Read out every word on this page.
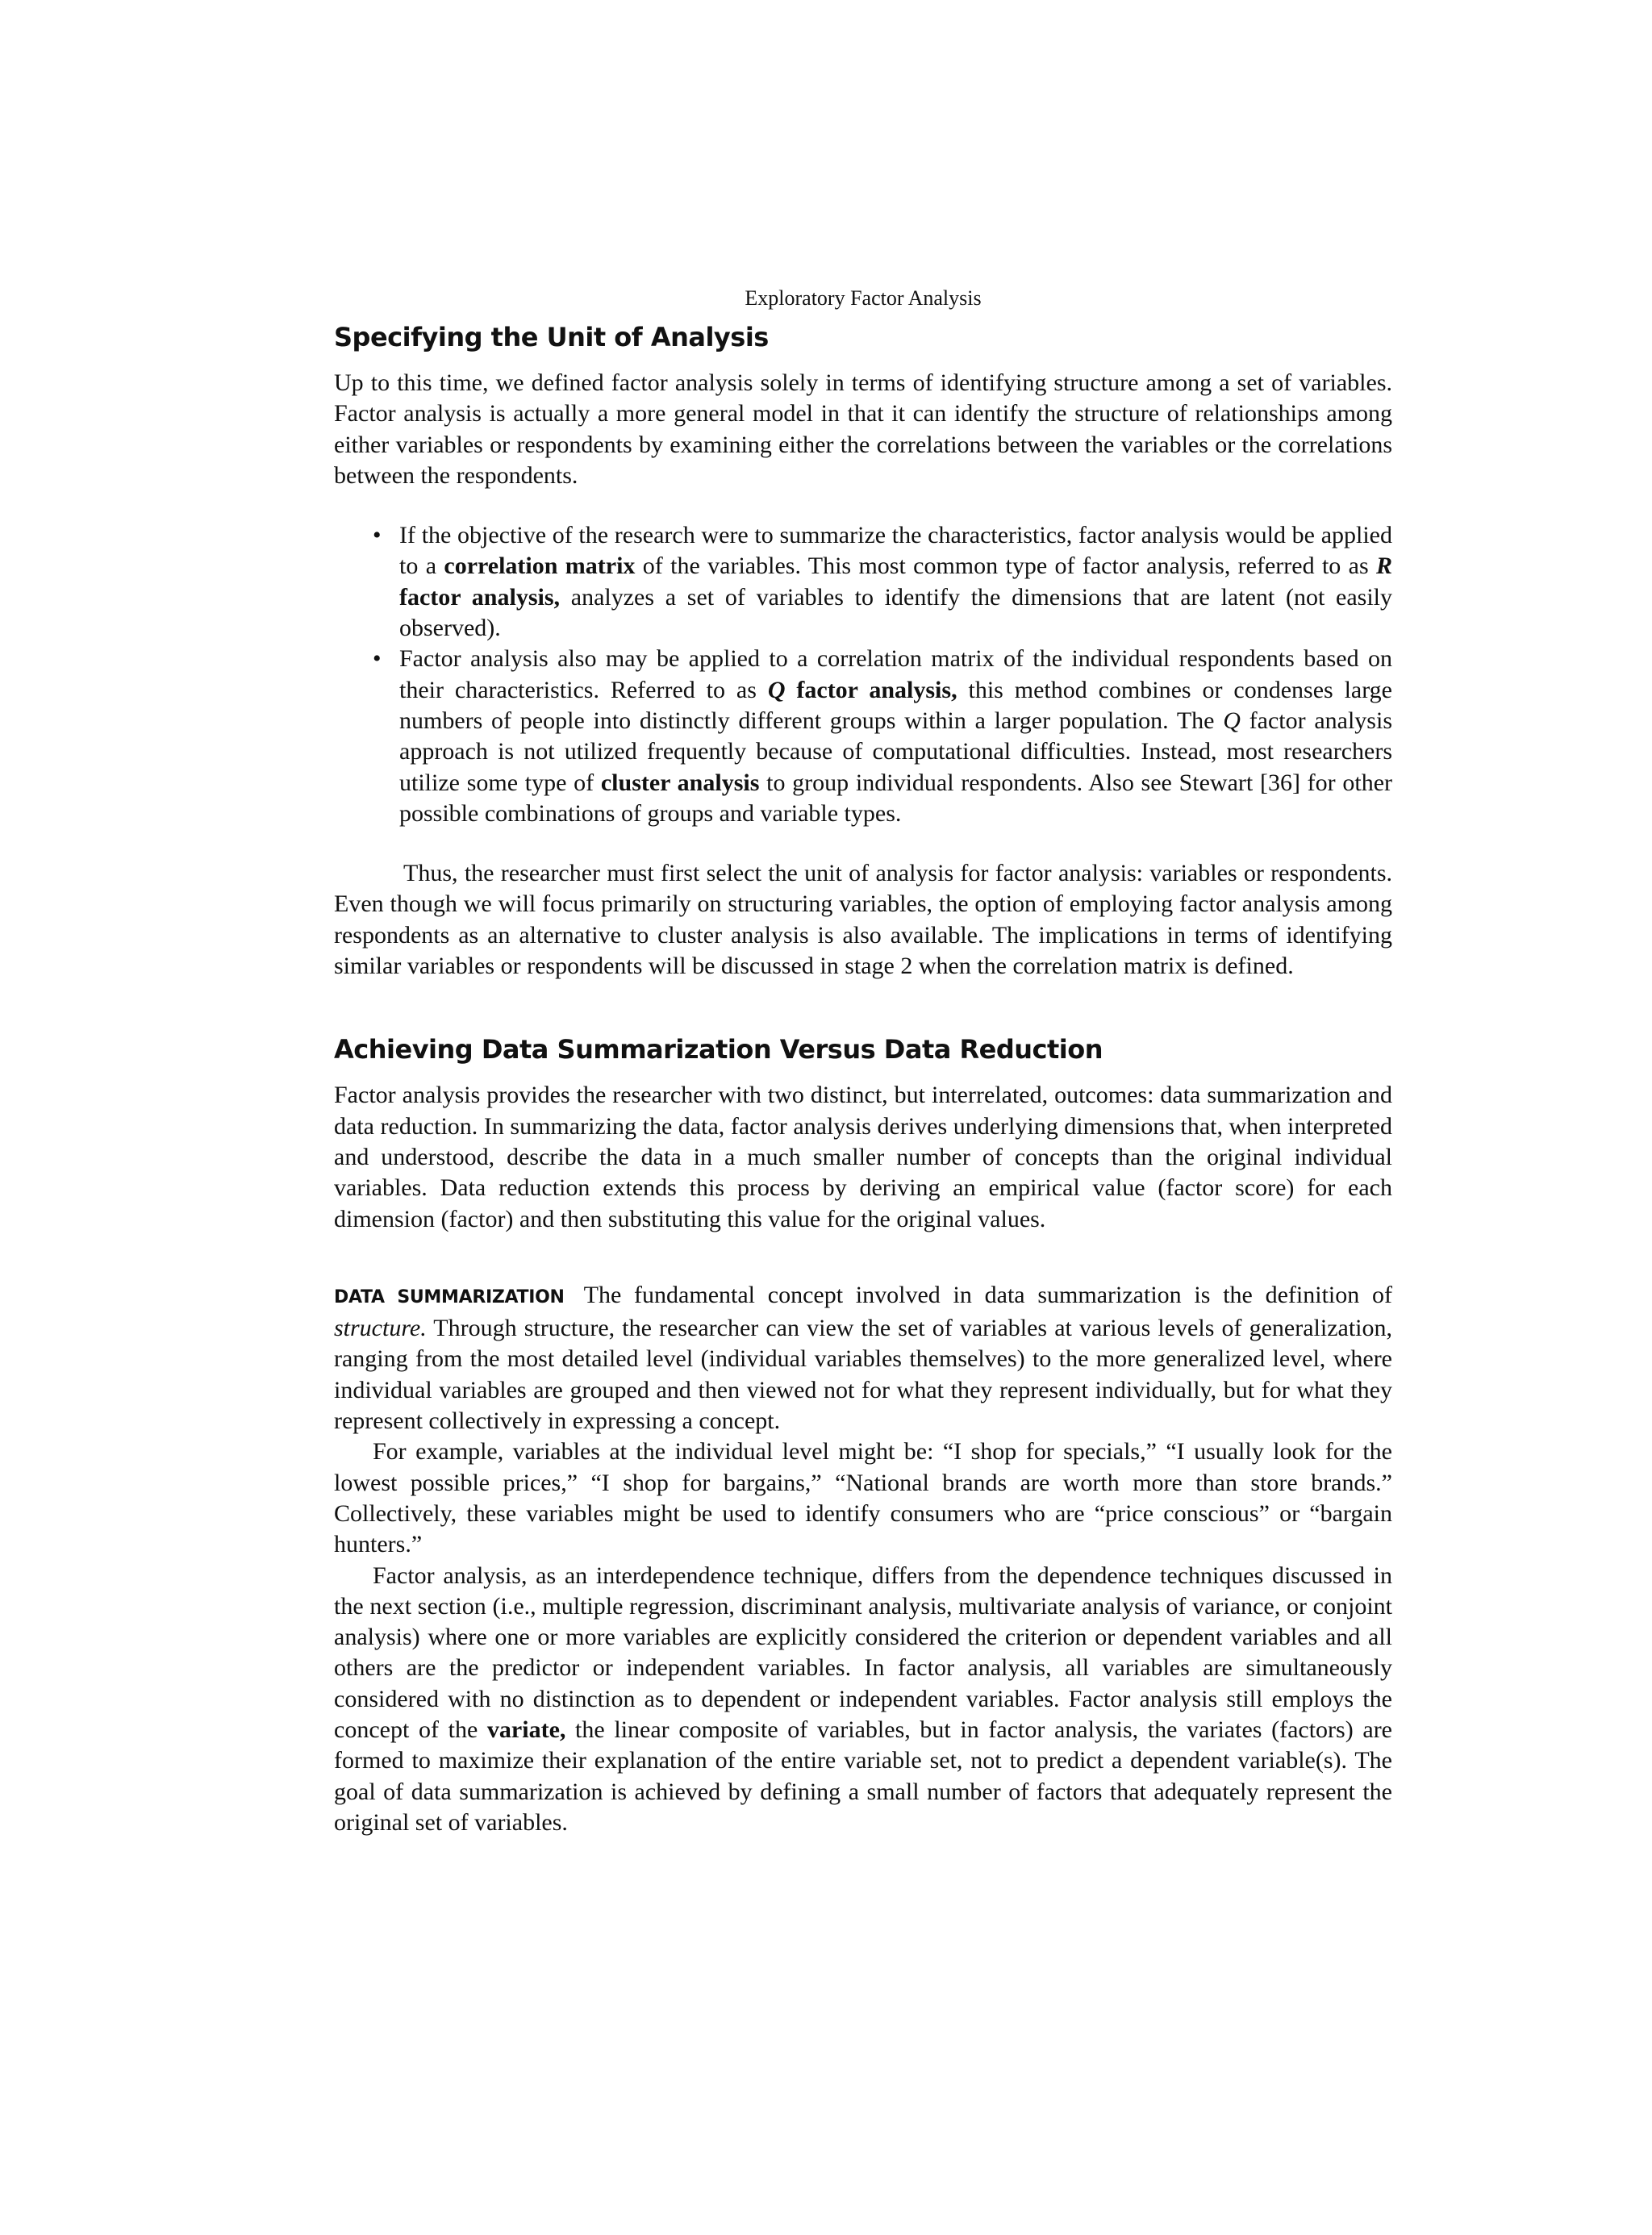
Exploratory Factor Analysis
Specifying the Unit of Analysis

Up to this time, we defined factor analysis solely in terms of identifying structure among a set of variables. Factor analysis is actually a more general model in that it can identify the structure of relationships among either variables or respondents by examining either the correlations between the variables or the correlations between the respondents.

• If the objective of the research were to summarize the characteristics, factor analysis would be applied to a correlation matrix of the variables. This most common type of factor analysis, referred to as R factor analysis, analyzes a set of variables to identify the dimensions that are latent (not easily observed).
• Factor analysis also may be applied to a correlation matrix of the individual respondents based on their characteristics. Referred to as Q factor analysis, this method combines or condenses large numbers of people into distinctly different groups within a larger population. The Q factor analysis approach is not utilized frequently because of computational difficulties. Instead, most researchers utilize some type of cluster analysis to group individual respondents. Also see Stewart [36] for other possible combinations of groups and variable types.

Thus, the researcher must first select the unit of analysis for factor analysis: variables or respondents. Even though we will focus primarily on structuring variables, the option of employing factor analysis among respondents as an alternative to cluster analysis is also available. The implications in terms of identifying similar variables or respondents will be discussed in stage 2 when the correlation matrix is defined.

Achieving Data Summarization Versus Data Reduction

Factor analysis provides the researcher with two distinct, but interrelated, outcomes: data summarization and data reduction. In summarizing the data, factor analysis derives underlying dimensions that, when interpreted and understood, describe the data in a much smaller number of concepts than the original individual variables. Data reduction extends this process by deriving an empirical value (factor score) for each dimension (factor) and then substituting this value for the original values.

DATA SUMMARIZATION The fundamental concept involved in data summarization is the definition of structure. Through structure, the researcher can view the set of variables at various levels of generalization, ranging from the most detailed level (individual variables themselves) to the more generalized level, where individual variables are grouped and then viewed not for what they represent individually, but for what they represent collectively in expressing a concept.

For example, variables at the individual level might be: “I shop for specials,” “I usually look for the lowest possible prices,” “I shop for bargains,” “National brands are worth more than store brands.” Collectively, these variables might be used to identify consumers who are “price conscious” or “bargain hunters.”

Factor analysis, as an interdependence technique, differs from the dependence techniques discussed in the next section (i.e., multiple regression, discriminant analysis, multivariate analysis of variance, or conjoint analysis) where one or more variables are explicitly considered the criterion or dependent variables and all others are the predictor or independent variables. In factor analysis, all variables are simultaneously considered with no distinction as to dependent or independent variables. Factor analysis still employs the concept of the variate, the linear composite of variables, but in factor analysis, the variates (factors) are formed to maximize their explanation of the entire variable set, not to predict a dependent variable(s). The goal of data summarization is achieved by defining a small number of factors that adequately represent the original set of variables.
